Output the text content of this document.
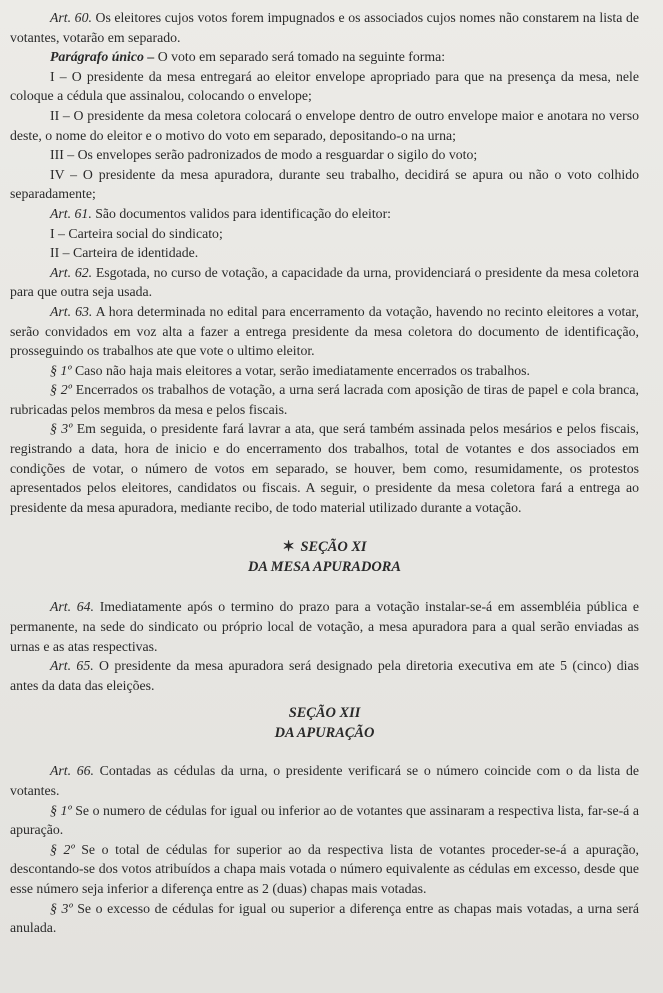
Art. 60. Os eleitores cujos votos forem impugnados e os associados cujos nomes não constarem na lista de votantes, votarão em separado.

Parágrafo único – O voto em separado será tomado na seguinte forma:

I – O presidente da mesa entregará ao eleitor envelope apropriado para que na presença da mesa, nele coloque a cédula que assinalou, colocando o envelope;

II – O presidente da mesa coletora colocará o envelope dentro de outro envelope maior e anotara no verso deste, o nome do eleitor e o motivo do voto em separado, depositando-o na urna;

III – Os envelopes serão padronizados de modo a resguardar o sigilo do voto;

IV – O presidente da mesa apuradora, durante seu trabalho, decidirá se apura ou não o voto colhido separadamente;

Art. 61. São documentos validos para identificação do eleitor:

I – Carteira social do sindicato;

II – Carteira de identidade.

Art. 62. Esgotada, no curso de votação, a capacidade da urna, providenciará o presidente da mesa coletora para que outra seja usada.

Art. 63. A hora determinada no edital para encerramento da votação, havendo no recinto eleitores a votar, serão convidados em voz alta a fazer a entrega presidente da mesa coletora do documento de identificação, prosseguindo os trabalhos ate que vote o ultimo eleitor.

§ 1º Caso não haja mais eleitores a votar, serão imediatamente encerrados os trabalhos.

§ 2º Encerrados os trabalhos de votação, a urna será lacrada com aposição de tiras de papel e cola branca, rubricadas pelos membros da mesa e pelos fiscais.

§ 3º Em seguida, o presidente fará lavrar a ata, que será também assinada pelos mesários e pelos fiscais, registrando a data, hora de inicio e do encerramento dos trabalhos, total de votantes e dos associados em condições de votar, o número de votos em separado, se houver, bem como, resumidamente, os protestos apresentados pelos eleitores, candidatos ou fiscais. A seguir, o presidente da mesa coletora fará a entrega ao presidente da mesa apuradora, mediante recibo, de todo material utilizado durante a votação.

✶ SEÇÃO XI

DA MESA APURADORA

Art. 64. Imediatamente após o termino do prazo para a votação instalar-se-á em assembléia pública e permanente, na sede do sindicato ou próprio local de votação, a mesa apuradora para a qual serão enviadas as urnas e as atas respectivas.

Art. 65. O presidente da mesa apuradora será designado pela diretoria executiva em ate 5 (cinco) dias antes da data das eleições.

SEÇÃO XII

DA APURAÇÃO

Art. 66. Contadas as cédulas da urna, o presidente verificará se o número coincide com o da lista de votantes.

§ 1º Se o numero de cédulas for igual ou inferior ao de votantes que assinaram a respectiva lista, far-se-á a apuração.

§ 2º Se o total de cédulas for superior ao da respectiva lista de votantes proceder-se-á a apuração, descontando-se dos votos atribuídos a chapa mais votada o número equivalente as cédulas em excesso, desde que esse número seja inferior a diferença entre as 2 (duas) chapas mais votadas.

§ 3º Se o excesso de cédulas for igual ou superior a diferença entre as chapas mais votadas, a urna será anulada.
